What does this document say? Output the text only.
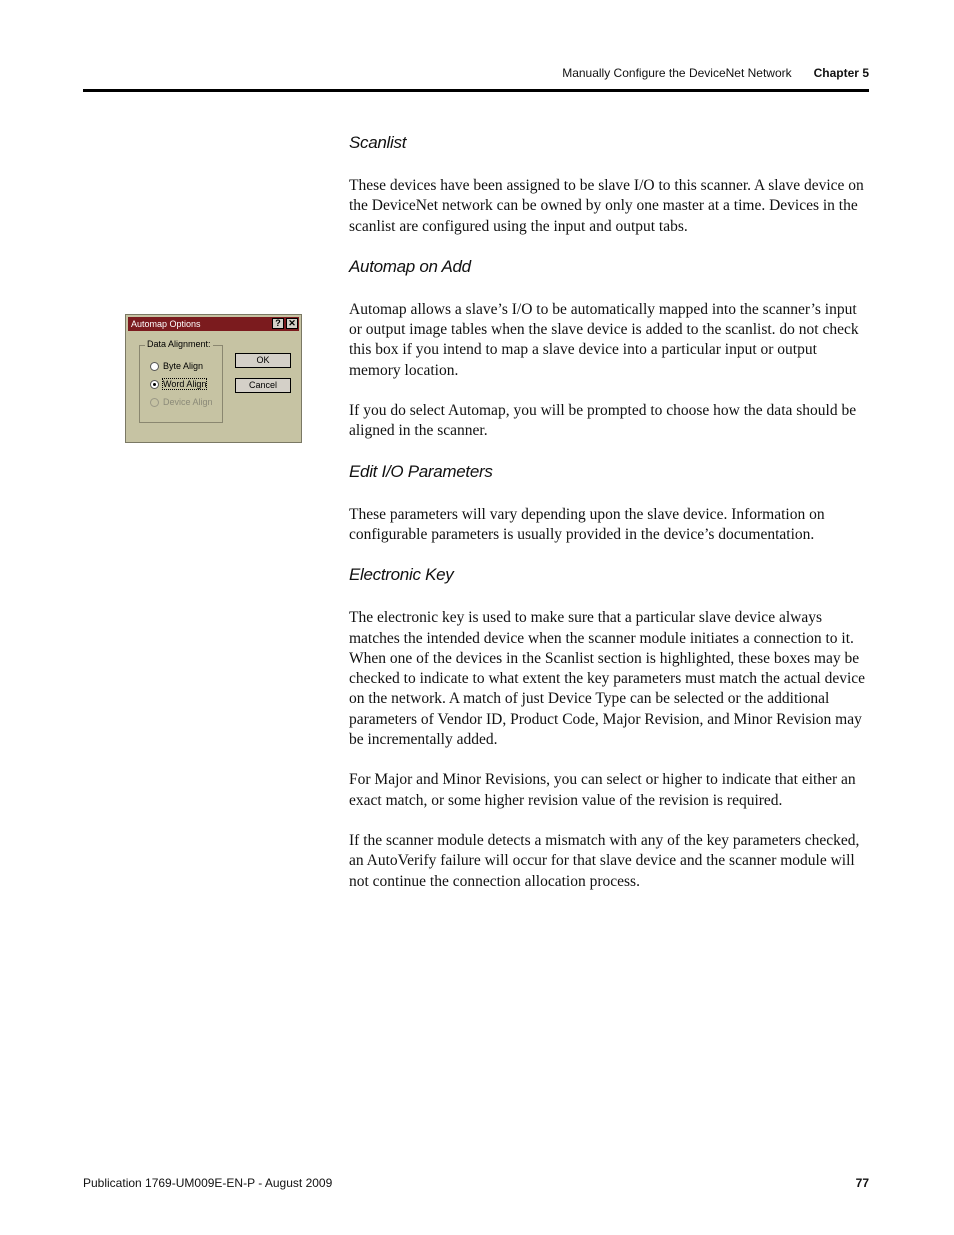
Manually Configure the DeviceNet Network Chapter 5
Automap Options	? ✕
Data Alignment:
Byte Align
Word Align
Device Align
OK
Cancel
Scanlist
These devices have been assigned to be slave I/O to this scanner. A slave device on the DeviceNet network can be owned by only one master at a time. Devices in the scanlist are configured using the input and output tabs.
Automap on Add
Automap allows a slave’s I/O to be automatically mapped into the scanner’s input or output image tables when the slave device is added to the scanlist. do not check this box if you intend to map a slave device into a particular input or output memory location.
If you do select Automap, you will be prompted to choose how the data should be aligned in the scanner.
Edit I/O Parameters
These parameters will vary depending upon the slave device. Information on configurable parameters is usually provided in the device’s documentation.
Electronic Key
The electronic key is used to make sure that a particular slave device always matches the intended device when the scanner module initiates a connection to it. When one of the devices in the Scanlist section is highlighted, these boxes may be checked to indicate to what extent the key parameters must match the actual device on the network. A match of just Device Type can be selected or the additional parameters of Vendor ID, Product Code, Major Revision, and Minor Revision may be incrementally added.
For Major and Minor Revisions, you can select or higher to indicate that either an exact match, or some higher revision value of the revision is required.
If the scanner module detects a mismatch with any of the key parameters checked, an AutoVerify failure will occur for that slave device and the scanner module will not continue the connection allocation process.
Publication 1769-UM009E-EN-P - August 2009	77
